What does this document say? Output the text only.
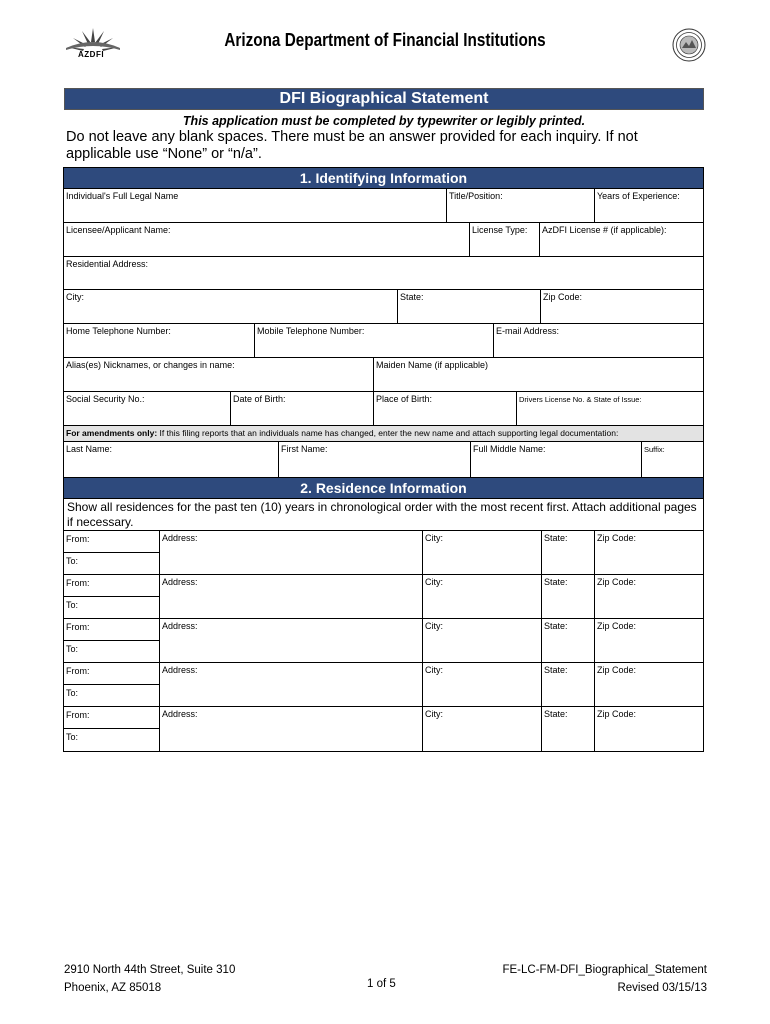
AZDFI
Arizona Department of Financial Institutions
DFI Biographical Statement
This application must be completed by typewriter or legibly printed.
Do not leave any blank spaces. There must be an answer provided for each inquiry. If not applicable use “None” or “n/a”.
1. Identifying Information
Individual's Full Legal Name	Title/Position:	Years of Experience:
Licensee/Applicant Name:	License Type:	AzDFI License # (if applicable):
Residential Address:
City:	State:	Zip Code:
Home Telephone Number:	Mobile Telephone Number:	E-mail Address:
Alias(es) Nicknames, or changes in name:	Maiden Name (if applicable)
Social Security No.:	Date of Birth:	Place of Birth:	Drivers License No. & State of Issue:
For amendments only: If this filing reports that an individuals name has changed, enter the new name and attach supporting legal documentation:
Last Name:	First Name:	Full Middle Name:	Suffix:
2. Residence Information
Show all residences for the past ten (10) years in chronological order with the most recent first. Attach additional pages if necessary.
From:
To:
Address:	City:	State:	Zip Code:
From:
To:
Address:	City:	State:	Zip Code:
From:
To:
Address:	City:	State:	Zip Code:
From:
To:
Address:	City:	State:	Zip Code:
From:
To:
Address:	City:	State:	Zip Code:
2910 North 44th Street, Suite 310
Phoenix, AZ 85018	1 of 5
FE-LC-FM-DFI_Biographical_Statement
Revised 03/15/13
